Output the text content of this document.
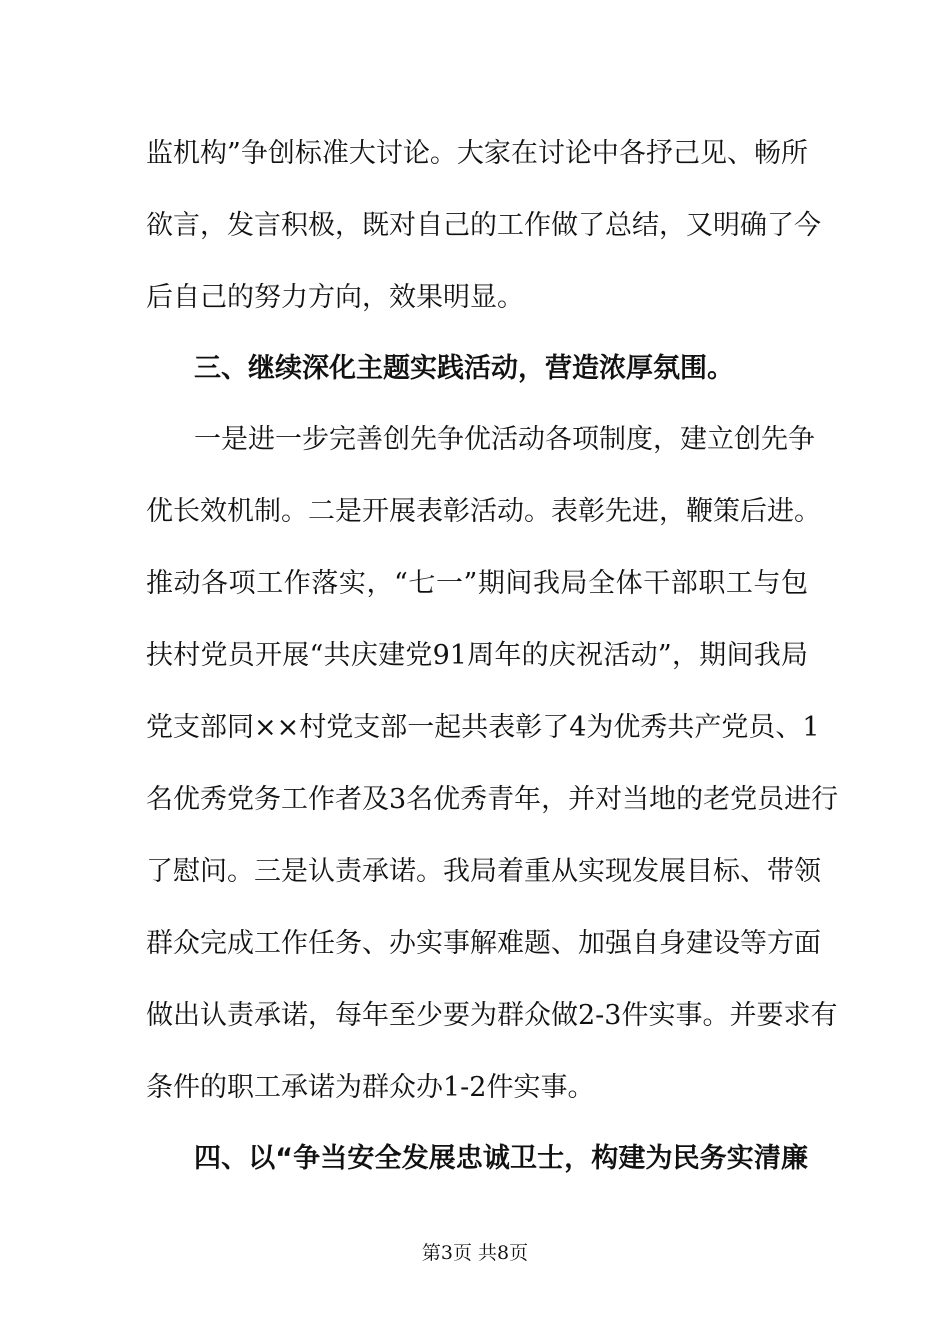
监机构”争创标准大讨论。大家在讨论中各抒己见、畅所
欲言，发言积极，既对自己的工作做了总结，又明确了今
后自己的努力方向，效果明显。
三、继续深化主题实践活动，营造浓厚氛围。
一是进一步完善创先争优活动各项制度，建立创先争
优长效机制。二是开展表彰活动。表彰先进，鞭策后进。
推动各项工作落实，“七一”期间我局全体干部职工与包
扶村党员开展“共庆建党91周年的庆祝活动”，期间我局
党支部同××村党支部一起共表彰了4为优秀共产党员、1
名优秀党务工作者及3名优秀青年，并对当地的老党员进行
了慰问。三是认责承诺。我局着重从实现发展目标、带领
群众完成工作任务、办实事解难题、加强自身建设等方面
做出认责承诺，每年至少要为群众做2-3件实事。并要求有
条件的职工承诺为群众办1-2件实事。
四、以“争当安全发展忠诚卫士，构建为民务实清廉
第3页 共8页
